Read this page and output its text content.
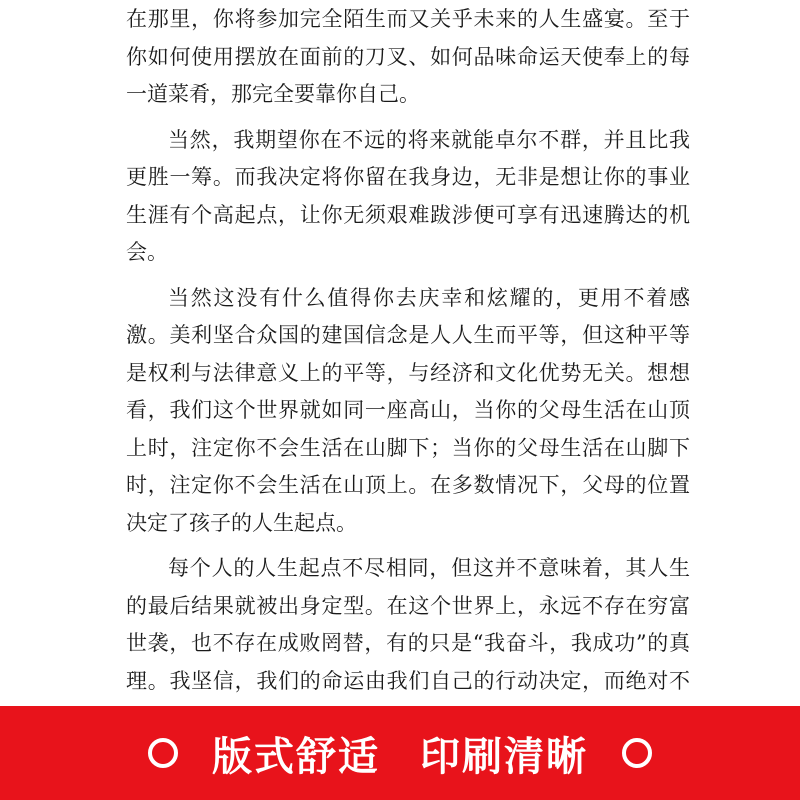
在那里，你将参加完全陌生而又关乎未来的人生盛宴。至于你如何使用摆放在面前的刀叉、如何品味命运天使奉上的每一道菜肴，那完全要靠你自己。

当然，我期望你在不远的将来就能卓尔不群，并且比我更胜一筹。而我决定将你留在我身边，无非是想让你的事业生涯有个高起点，让你无须艰难跋涉便可享有迅速腾达的机会。

当然这没有什么值得你去庆幸和炫耀的，更用不着感激。美利坚合众国的建国信念是人人生而平等，但这种平等是权利与法律意义上的平等，与经济和文化优势无关。想想看，我们这个世界就如同一座高山，当你的父母生活在山顶上时，注定你不会生活在山脚下；当你的父母生活在山脚下时，注定你不会生活在山顶上。在多数情况下，父母的位置决定了孩子的人生起点。

每个人的人生起点不尽相同，但这并不意味着，其人生的最后结果就被出身定型。在这个世界上，永远不存在穷富世袭，也不存在成败罔替，有的只是“我奋斗，我成功”的真理。我坚信，我们的命运由我们自己的行动决定，而绝对不

版式舒适 印刷清晰
